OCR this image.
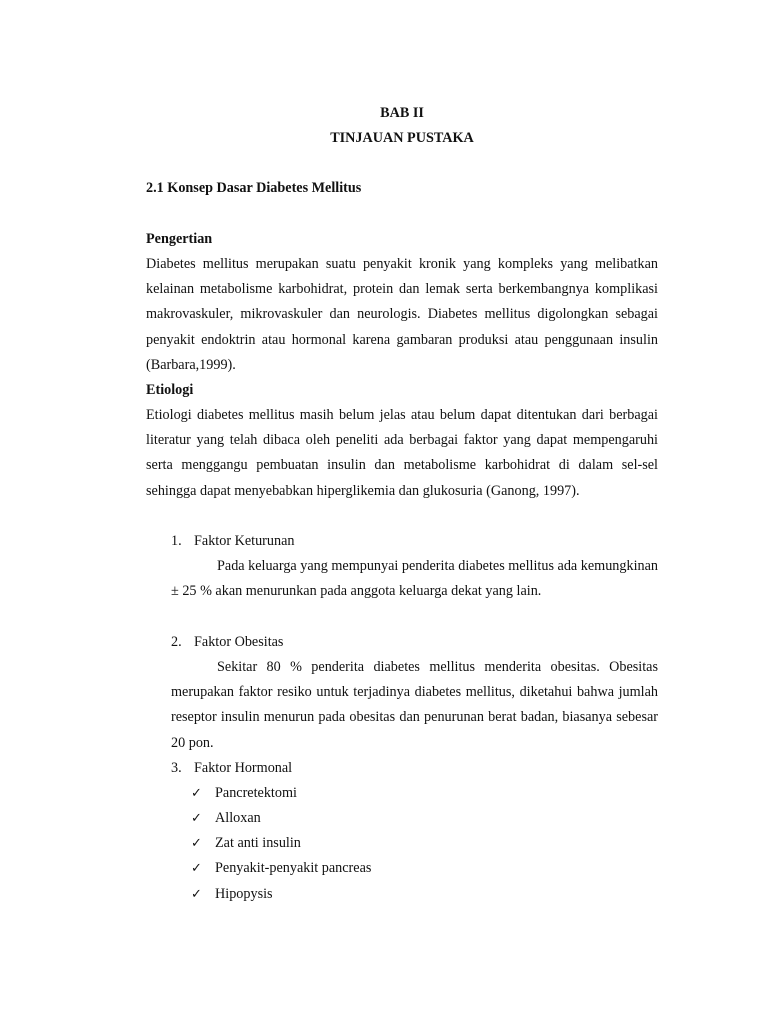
BAB II
TINJAUAN PUSTAKA
2.1 Konsep Dasar Diabetes Mellitus
Pengertian

Diabetes mellitus merupakan suatu penyakit kronik yang kompleks yang melibatkan kelainan metabolisme karbohidrat, protein dan lemak serta berkembangnya komplikasi makrovaskuler, mikrovaskuler dan neurologis. Diabetes mellitus digolongkan sebagai penyakit endoktrin atau hormonal karena gambaran produksi atau penggunaan insulin (Barbara,1999).

Etiologi

Etiologi diabetes mellitus masih belum jelas atau belum dapat ditentukan dari berbagai literatur yang telah dibaca oleh peneliti ada berbagai faktor yang dapat mempengaruhi serta menggangu pembuatan insulin dan metabolisme karbohidrat di dalam sel-sel sehingga dapat menyebabkan hiperglikemia dan glukosuria (Ganong, 1997).

1. Faktor Keturunan

Pada keluarga yang mempunyai penderita diabetes mellitus ada kemungkinan ± 25 % akan menurunkan pada anggota keluarga dekat yang lain.

2. Faktor Obesitas

Sekitar 80 % penderita diabetes mellitus menderita obesitas. Obesitas merupakan faktor resiko untuk terjadinya diabetes mellitus, diketahui bahwa jumlah reseptor insulin menurun pada obesitas dan penurunan berat badan, biasanya sebesar 20 pon.

3. Faktor Hormonal
✓ Pancretektomi
✓ Alloxan
✓ Zat anti insulin
✓ Penyakit-penyakit pancreas
✓ Hipopysis
